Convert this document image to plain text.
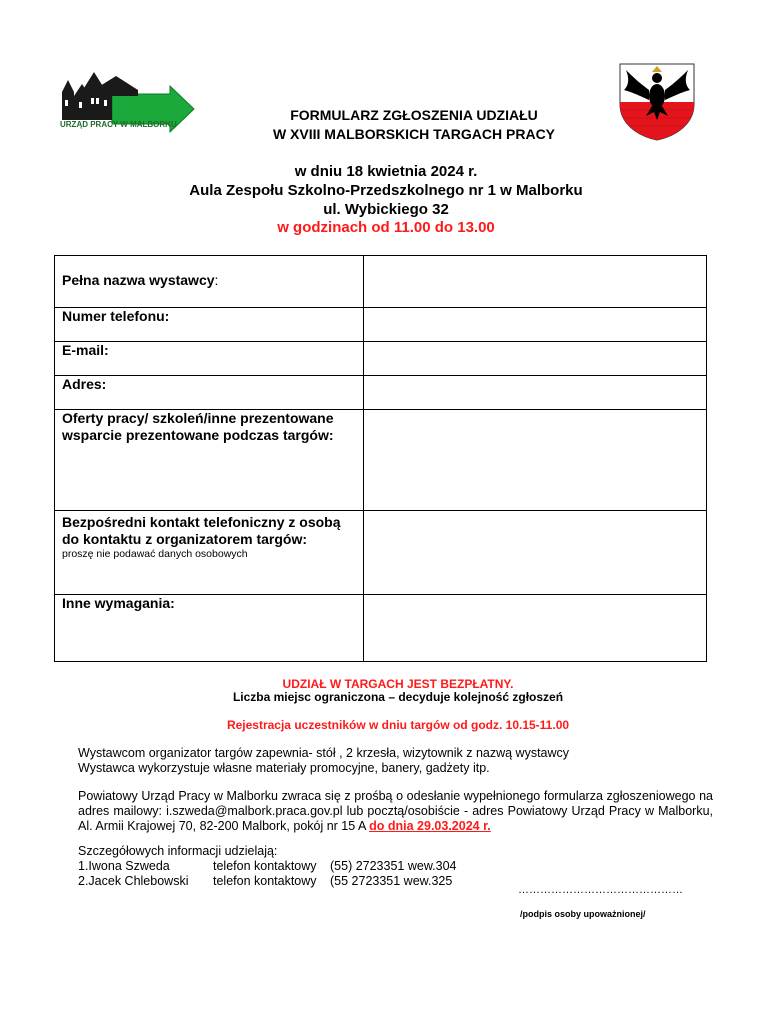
URZĄD PRACY W MALBORKU
FORMULARZ ZGŁOSZENIA UDZIAŁU
W XVIII MALBORSKICH TARGACH PRACY
w dniu 18 kwietnia 2024 r.
Aula Zespołu Szkolno-Przedszkolnego nr 1 w Malborku
ul. Wybickiego 32
w godzinach od 11.00 do 13.00
Pełna nazwa wystawcy:
Numer telefonu:
E-mail:
Adres:
Oferty pracy/ szkoleń/inne prezentowane wsparcie prezentowane podczas targów:
Bezpośredni kontakt telefoniczny z osobą do kontaktu z organizatorem targów:
proszę nie podawać danych osobowych
Inne wymagania:
UDZIAŁ W TARGACH JEST BEZPŁATNY.
Liczba miejsc ograniczona – decyduje kolejność zgłoszeń
Rejestracja uczestników w dniu targów od godz. 10.15-11.00
Wystawcom organizator targów zapewnia- stół , 2 krzesła, wizytownik z nazwą wystawcy
Wystawca wykorzystuje własne materiały promocyjne, banery, gadżety itp.
Powiatowy Urząd Pracy w Malborku zwraca się z prośbą o odesłanie wypełnionego formularza zgłoszeniowego na adres mailowy: i.szweda@malbork.praca.gov.pl lub pocztą/osobiście - adres Powiatowy Urząd Pracy w Malborku, Al. Armii Krajowej 70, 82-200 Malbork, pokój nr 15 A do dnia 29.03.2024 r.
Szczegółowych informacji udzielają:
1.Iwona Szweda	telefon kontaktowy (55) 2723351 wew.304
2.Jacek Chlebowski telefon kontaktowy (55 2723351 wew.325
………………………………………
/podpis osoby upoważnionej/
